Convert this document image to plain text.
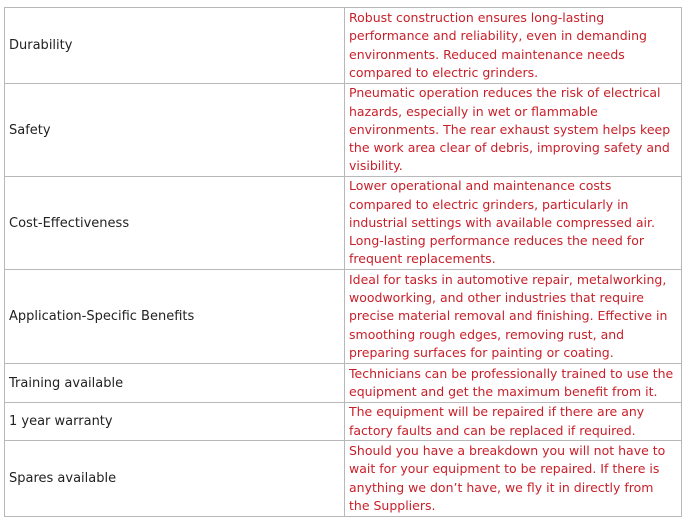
Durability	Robust construction ensures long-lasting performance and reliability, even in demanding environments. Reduced maintenance needs compared to electric grinders.
Safety	Pneumatic operation reduces the risk of electrical hazards, especially in wet or flammable environments. The rear exhaust system helps keep the work area clear of debris, improving safety and visibility.
Cost-Effectiveness	Lower operational and maintenance costs compared to electric grinders, particularly in industrial settings with available compressed air. Long-lasting performance reduces the need for frequent replacements.
Application-Specific Benefits	Ideal for tasks in automotive repair, metalworking, woodworking, and other industries that require precise material removal and finishing. Effective in smoothing rough edges, removing rust, and preparing surfaces for painting or coating.
Training available	Technicians can be professionally trained to use the equipment and get the maximum benefit from it.
1 year warranty	The equipment will be repaired if there are any factory faults and can be replaced if required.
Spares available	Should you have a breakdown you will not have to wait for your equipment to be repaired. If there is anything we don’t have, we fly it in directly from the Suppliers.
